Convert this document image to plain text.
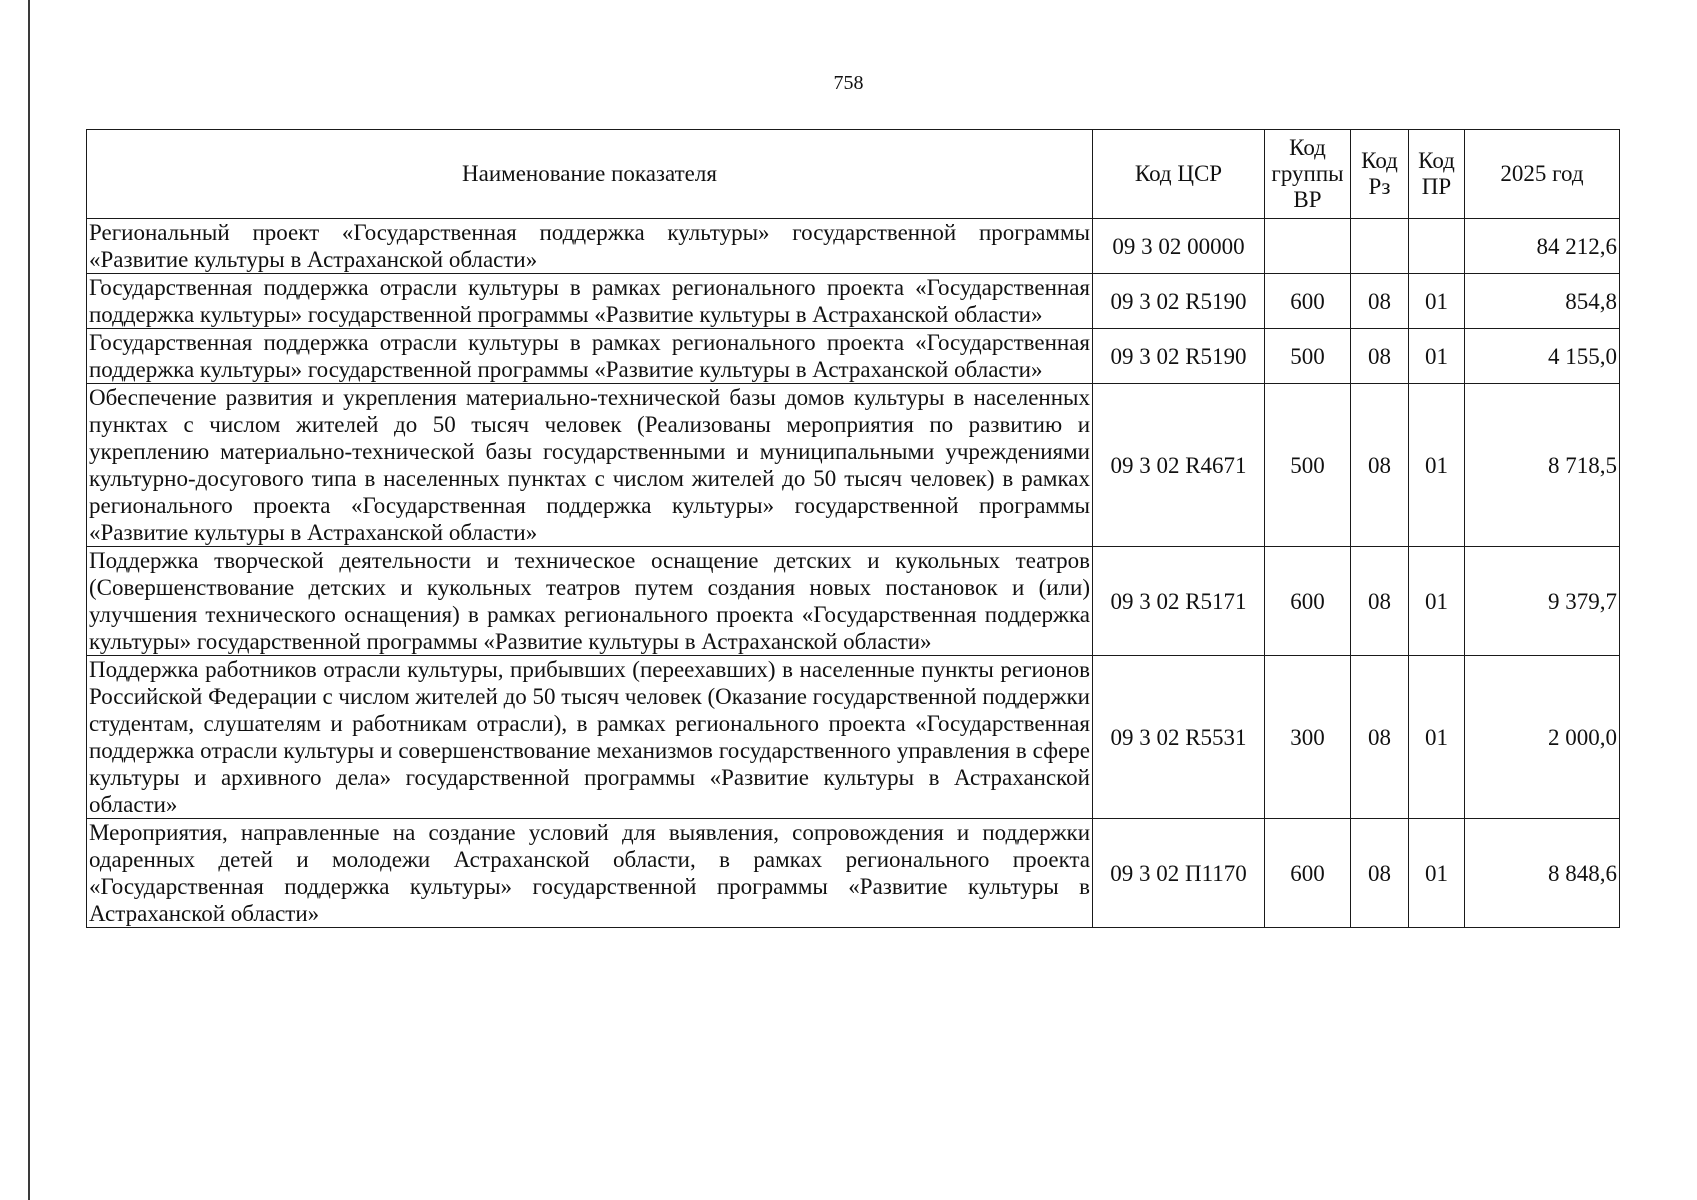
758
Наименование показателя	Код ЦСР	Код группы ВР	Код Рз	Код ПР	2025 год
Региональный проект «Государственная поддержка культуры» государственной программы «Развитие культуры в Астраханской области»	09 3 02 00000				84 212,6
Государственная поддержка отрасли культуры в рамках регионального проекта «Государственная поддержка культуры» государственной программы «Развитие культуры в Астраханской области»	09 3 02 R5190	600	08	01	854,8
Государственная поддержка отрасли культуры в рамках регионального проекта «Государственная поддержка культуры» государственной программы «Развитие культуры в Астраханской области»	09 3 02 R5190	500	08	01	4 155,0
Обеспечение развития и укрепления материально-технической базы домов культуры в населенных пунктах с числом жителей до 50 тысяч человек (Реализованы мероприятия по развитию и укреплению материально-технической базы государственными и муниципальными учреждениями культурно-досугового типа в населенных пунктах с числом жителей до 50 тысяч человек) в рамках регионального проекта «Государственная поддержка культуры» государственной программы «Развитие культуры в Астраханской области»	09 3 02 R4671	500	08	01	8 718,5
Поддержка творческой деятельности и техническое оснащение детских и кукольных театров (Совершенствование детских и кукольных театров путем создания новых постановок и (или) улучшения технического оснащения) в рамках регионального проекта «Государственная поддержка культуры» государственной программы «Развитие культуры в Астраханской области»	09 3 02 R5171	600	08	01	9 379,7
Поддержка работников отрасли культуры, прибывших (переехавших) в населенные пункты регионов Российской Федерации с числом жителей до 50 тысяч человек (Оказание государственной поддержки студентам, слушателям и работникам отрасли), в рамках регионального проекта «Государственная поддержка отрасли культуры и совершенствование механизмов государственного управления в сфере культуры и архивного дела» государственной программы «Развитие культуры в Астраханской области»	09 3 02 R5531	300	08	01	2 000,0
Мероприятия, направленные на создание условий для выявления, сопровождения и поддержки одаренных детей и молодежи Астраханской области, в рамках регионального проекта «Государственная поддержка культуры» государственной программы «Развитие культуры в Астраханской области»	09 3 02 П1170	600	08	01	8 848,6
